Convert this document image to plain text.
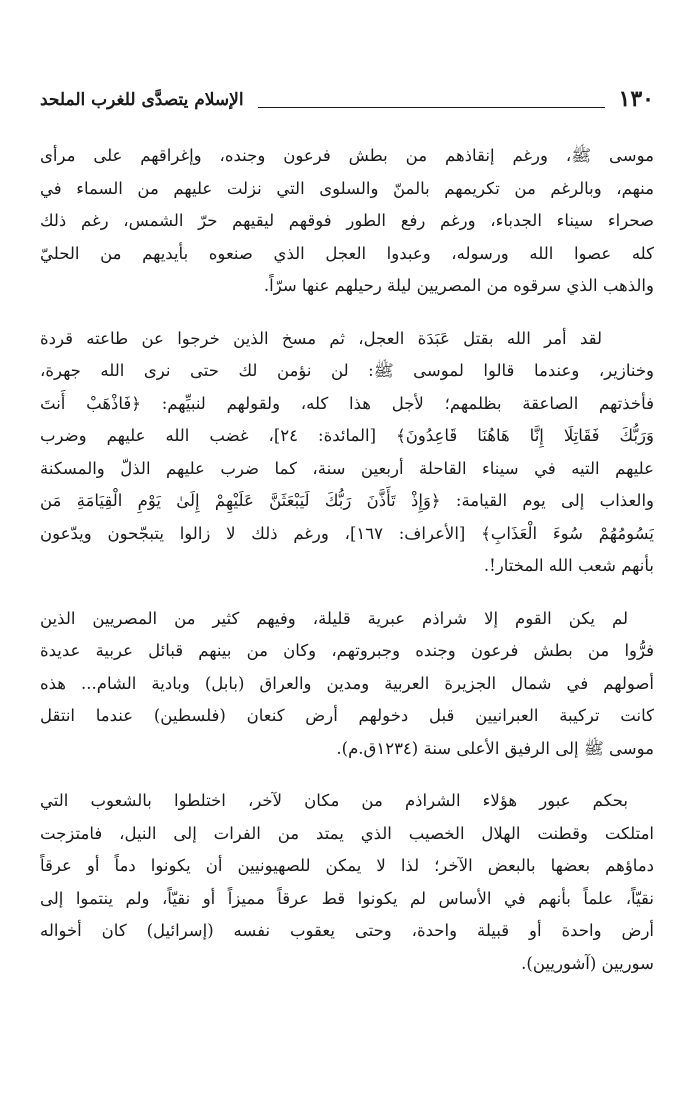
١٣٠
الإسلام يتصدَّى للغرب الملحد
موسى ﷺ، ورغم إنقاذهم من بطش فرعون وجنده، وإغراقهم على مرأى
منهم، وبالرغم من تكريمهم بالمنّ والسلوى التي نزلت عليهم من السماء في
صحراء سيناء الجدباء، ورغم رفع الطور فوقهم ليقيهم حرّ الشمس، رغم ذلك
كله عصوا الله ورسوله، وعبدوا العجل الذي صنعوه بأيديهم من الحليّ
والذهب الذي سرقوه من المصريين ليلة رحيلهم عنها سرّاً.
لقد أمر الله بقتل عَبَدَة العجل، ثم مسخ الذين خرجوا عن طاعته قردة
وخنازير، وعندما قالوا لموسى ﷺ: لن نؤمن لك حتى نرى الله جهرة،
فأخذتهم الصاعقة بظلمهم؛ لأجل هذا كله، ولقولهم لنبيِّهم: ﴿فَاذْهَبْ أَنتَ
وَرَبُّكَ فَقَاتِلَا إِنَّا هَاهُنَا قَاعِدُونَ﴾ [المائدة: ٢٤]، غضب الله عليهم وضرب
عليهم التيه في سيناء القاحلة أربعين سنة، كما ضرب عليهم الذلّ والمسكنة
والعذاب إلى يوم القيامة: ﴿وَإِذْ تَأَذَّنَ رَبُّكَ لَيَبْعَثَنَّ عَلَيْهِمْ إِلَىٰ يَوْمِ الْقِيَامَةِ مَن
يَسُومُهُمْ سُوءَ الْعَذَابِ﴾ [الأعراف: ١٦٧]، ورغم ذلك لا زالوا يتبجّحون ويدّعون
بأنهم شعب الله المختار!.
لم يكن القوم إلا شراذم عبرية قليلة، وفيهم كثير من المصريين الذين
فرُّوا من بطش فرعون وجنده وجبروتهم، وكان من بينهم قبائل عربية عديدة
أصولهم في شمال الجزيرة العربية ومدين والعراق (بابل) وبادية الشام... هذه
كانت تركيبة العبرانيين قبل دخولهم أرض كنعان (فلسطين) عندما انتقل
موسى ﷺ إلى الرفيق الأعلى سنة (١٢٣٤ق.م).
بحكم عبور هؤلاء الشراذم من مكان لآخر، اختلطوا بالشعوب التي
امتلكت وقطنت الهلال الخصيب الذي يمتد من الفرات إلى النيل، فامتزجت
دماؤهم بعضها بالبعض الآخر؛ لذا لا يمكن للصهيونيين أن يكونوا دماً أو عرقاً
نقيّاً، علماً بأنهم في الأساس لم يكونوا قط عرقاً مميزاً أو نقيّاً، ولم ينتموا إلى
أرض واحدة أو قبيلة واحدة، وحتى يعقوب نفسه (إسرائيل) كان أخواله
سوريين (آشوريين).
